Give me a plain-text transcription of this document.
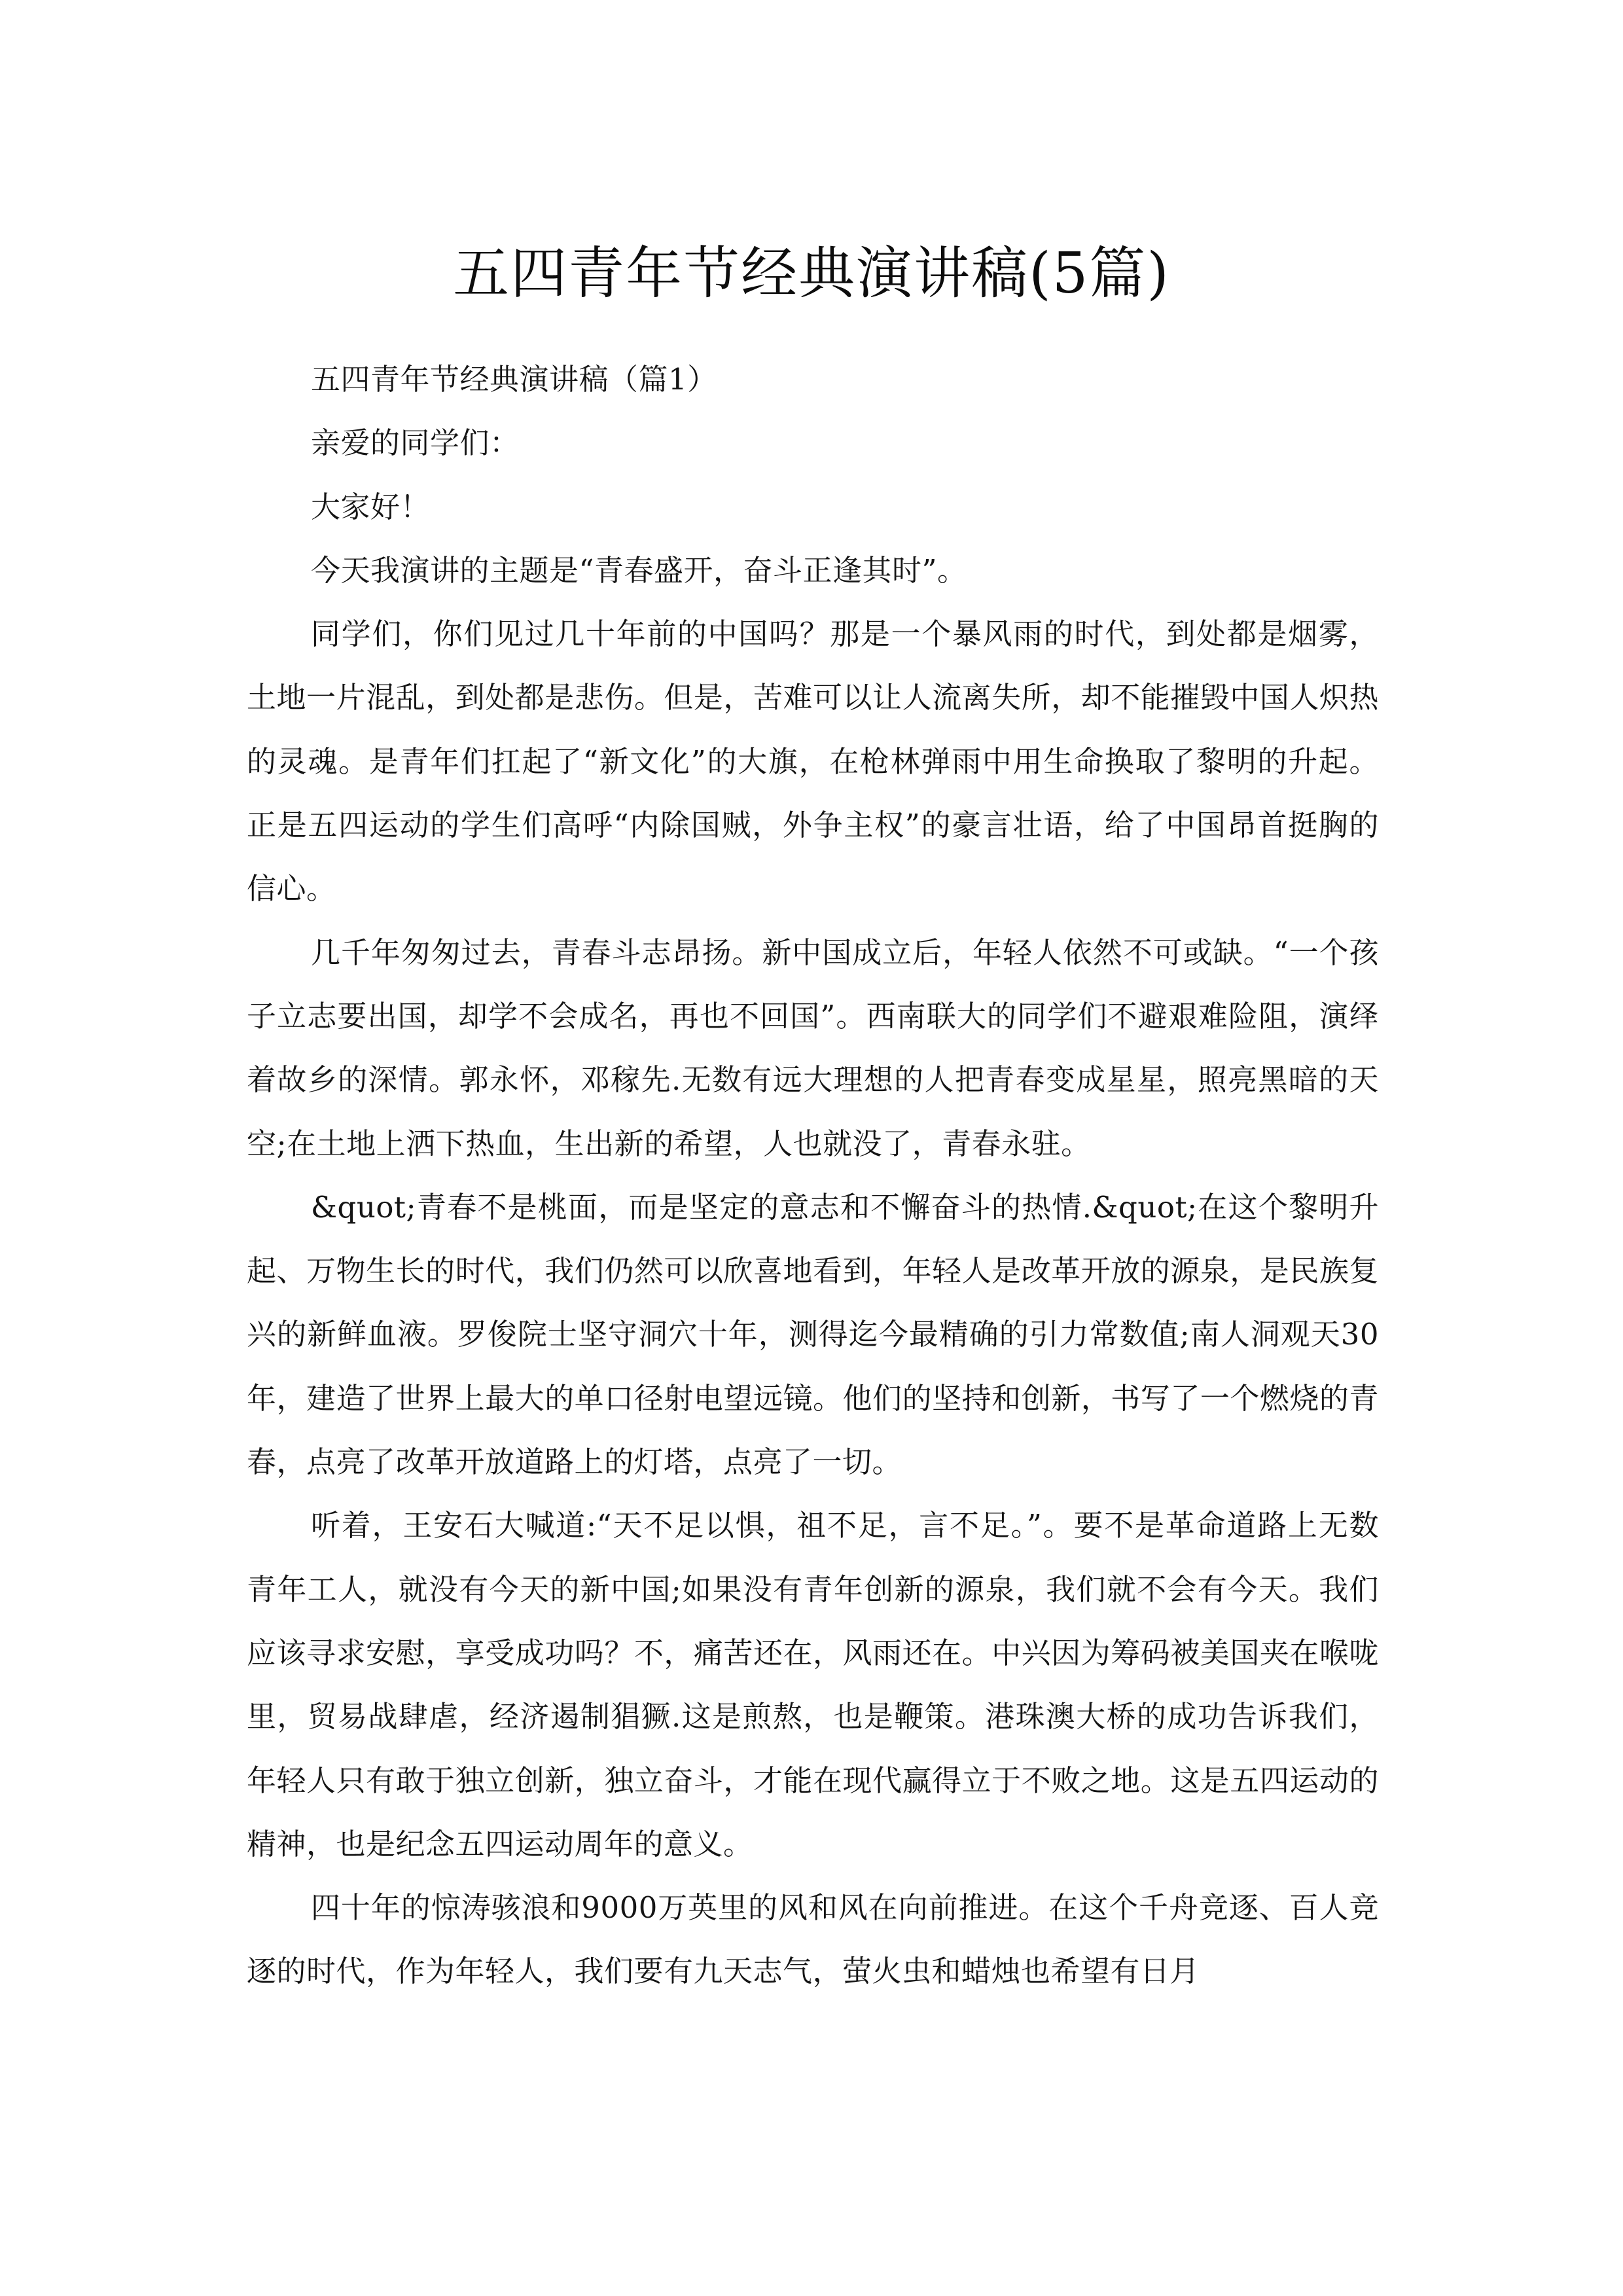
五四青年节经典演讲稿(5篇)

五四青年节经典演讲稿（篇1）

亲爱的同学们：

大家好！

今天我演讲的主题是“青春盛开，奋斗正逢其时”。

同学们，你们见过几十年前的中国吗？那是一个暴风雨的时代，到处都是烟雾，土地一片混乱，到处都是悲伤。但是，苦难可以让人流离失所，却不能摧毁中国人炽热的灵魂。是青年们扛起了“新文化”的大旗，在枪林弹雨中用生命换取了黎明的升起。正是五四运动的学生们高呼“内除国贼，外争主权”的豪言壮语，给了中国昂首挺胸的信心。

几千年匆匆过去，青春斗志昂扬。新中国成立后，年轻人依然不可或缺。“一个孩子立志要出国，却学不会成名，再也不回国”。西南联大的同学们不避艰难险阻，演绎着故乡的深情。郭永怀，邓稼先.无数有远大理想的人把青春变成星星，照亮黑暗的天空;在土地上洒下热血，生出新的希望，人也就没了，青春永驻。

&quot;青春不是桃面，而是坚定的意志和不懈奋斗的热情.&quot;在这个黎明升起、万物生长的时代，我们仍然可以欣喜地看到，年轻人是改革开放的源泉，是民族复兴的新鲜血液。罗俊院士坚守洞穴十年，测得迄今最精确的引力常数值;南人洞观天30年，建造了世界上最大的单口径射电望远镜。他们的坚持和创新，书写了一个燃烧的青春，点亮了改革开放道路上的灯塔，点亮了一切。

听着，王安石大喊道:“天不足以惧，祖不足，言不足。”。要不是革命道路上无数青年工人，就没有今天的新中国;如果没有青年创新的源泉，我们就不会有今天。我们应该寻求安慰，享受成功吗？不，痛苦还在，风雨还在。中兴因为筹码被美国夹在喉咙里，贸易战肆虐，经济遏制猖獗.这是煎熬，也是鞭策。港珠澳大桥的成功告诉我们，年轻人只有敢于独立创新，独立奋斗，才能在现代赢得立于不败之地。这是五四运动的精神，也是纪念五四运动周年的意义。

四十年的惊涛骇浪和9000万英里的风和风在向前推进。在这个千舟竞逐、百人竞逐的时代，作为年轻人，我们要有九天志气，萤火虫和蜡烛也希望有日月
